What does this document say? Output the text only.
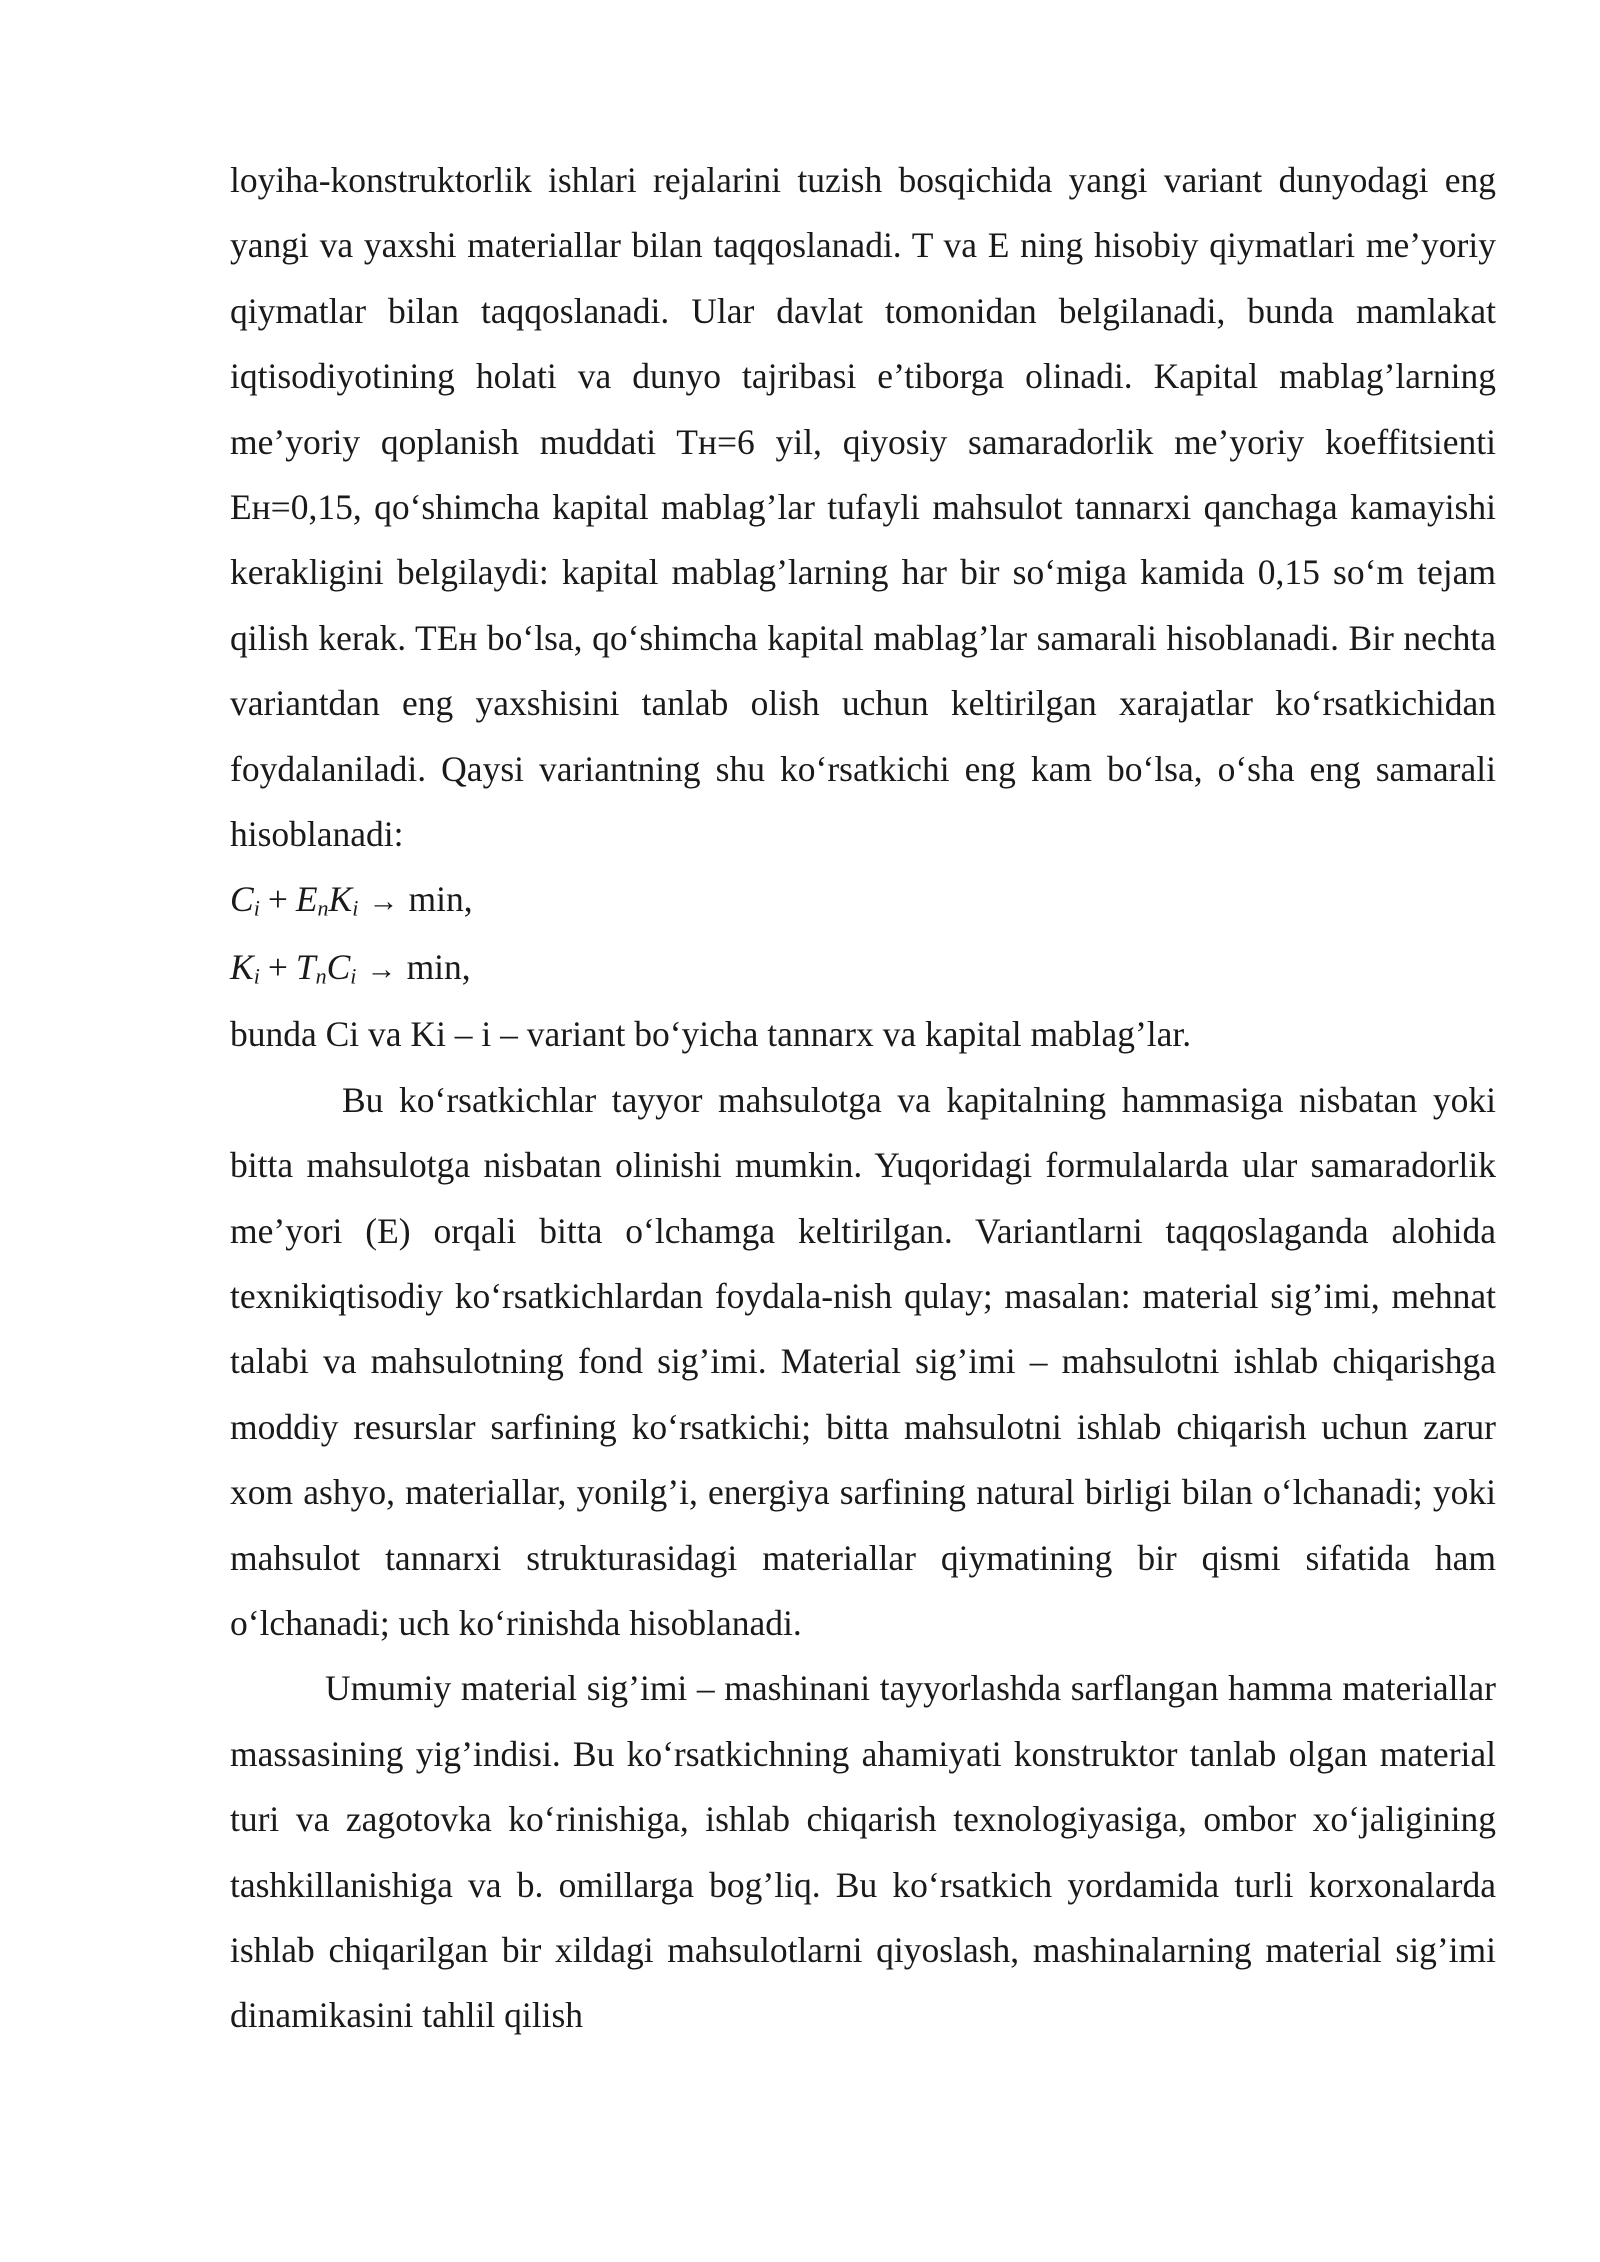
loyiha-konstruktorlik ishlari rejalarini tuzish bosqichida yangi variant dunyodagi eng yangi va yaxshi materiallar bilan taqqoslanadi. T va E ning hisobiy qiymatlari me’yoriy qiymatlar bilan taqqoslanadi. Ular davlat tomonidan belgilanadi, bunda mamlakat iqtisodiyotining holati va dunyo tajribasi e’tiborga olinadi. Kapital mablag’larning me’yoriy qoplanish muddati Tн=6 yil, qiyosiy samaradorlik me’yoriy koeffitsienti Eн=0,15, qo‘shimcha kapital mablag’lar tufayli mahsulot tannarxi qanchaga kamayishi kerakligini belgilaydi: kapital mablag’larning har bir so‘miga kamida 0,15 so‘m tejam qilish kerak. TEн bo‘lsa, qo‘shimcha kapital mablag’lar samarali hisoblanadi. Bir nechta variantdan eng yaxshisini tanlab olish uchun keltirilgan xarajatlar ko‘rsatkichidan foydalaniladi. Qaysi variantning shu ko‘rsatkichi eng kam bo‘lsa, o‘sha eng samarali hisoblanadi:

$C_i + E_nK_i \to \min$,

$K_i + T_nC_i \to \min$,

bunda Ci va Ki – i – variant bo‘yicha tannarx va kapital mablag’lar.

Bu ko‘rsatkichlar tayyor mahsulotga va kapitalning hammasiga nisbatan yoki bitta mahsulotga nisbatan olinishi mumkin. Yuqoridagi formulalarda ular samaradorlik me’yori (E) orqali bitta o‘lchamga keltirilgan. Variantlarni taqqoslaganda alohida texnikiqtisodiy ko‘rsatkichlardan foydala-nish qulay; masalan: material sig’imi, mehnat talabi va mahsulotning fond sig’imi. Material sig’imi – mahsulotni ishlab chiqarishga moddiy resurslar sarfining ko‘rsatkichi; bitta mahsulotni ishlab chiqarish uchun zarur xom ashyo, materiallar, yonilg’i, energiya sarfining natural birligi bilan o‘lchanadi; yoki mahsulot tannarxi strukturasidagi materiallar qiymatining bir qismi sifatida ham o‘lchanadi; uch ko‘rinishda hisoblanadi.

Umumiy material sig’imi – mashinani tayyorlashda sarflangan hamma materiallar massasining yig’indisi. Bu ko‘rsatkichning ahamiyati konstruktor tanlab olgan material turi va zagotovka ko‘rinishiga, ishlab chiqarish texnologiyasiga, ombor xo‘jaligining tashkillanishiga va b. omillarga bog’liq. Bu ko‘rsatkich yordamida turli korxonalarda ishlab chiqarilgan bir xildagi mahsulotlarni qiyoslash, mashinalarning material sig’imi dinamikasini tahlil qilish
